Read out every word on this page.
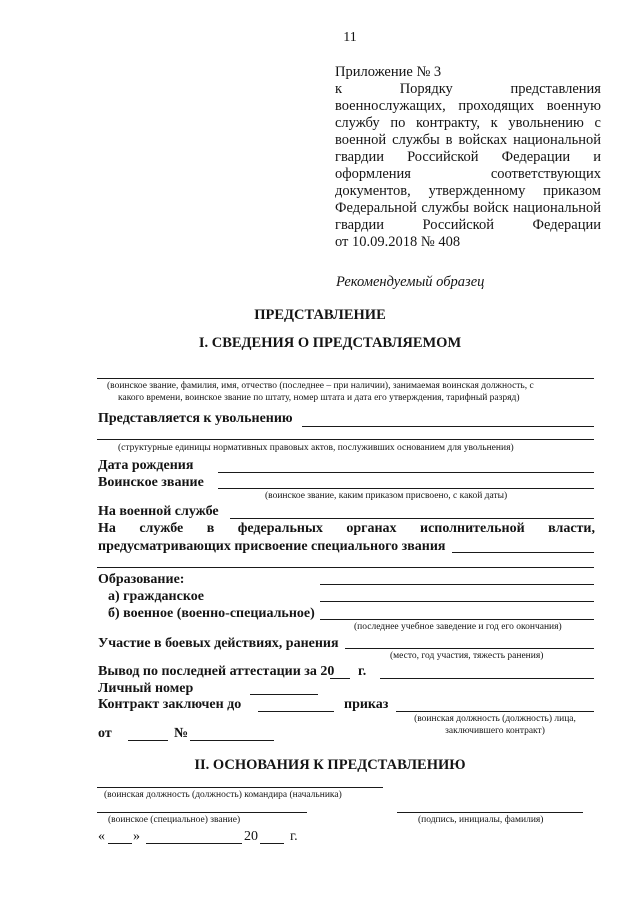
11
Приложение № 3
к	Порядку	представления
военнослужащих, проходящих военную
службу по контракту, к увольнению с
военной службы в войсках национальной
гвардии Российской Федерации и
оформления	соответствующих
документов, утвержденному приказом
Федеральной службы войск национальной
гвардии	Российской	Федерации
от 10.09.2018 № 408
Рекомендуемый образец
ПРЕДСТАВЛЕНИЕ
I. СВЕДЕНИЯ О ПРЕДСТАВЛЯЕМОМ
(воинское звание, фамилия, имя, отчество (последнее – при наличии), занимаемая воинская должность, с
какого времени, воинское звание по штату, номер штата и дата его утверждения, тарифный разряд)
Представляется к увольнению
(структурные единицы нормативных правовых актов, послуживших основанием для увольнения)
Дата рождения
Воинское звание
(воинское звание, каким приказом присвоено, с какой даты)
На военной службе
На службе в федеральных органах исполнительной власти,
предусматривающих присвоение специального звания
Образование:
а) гражданское
б) военное (военно-специальное)
(последнее учебное заведение и год его окончания)
Участие в боевых действиях, ранения
(место, год участия, тяжесть ранения)
Вывод по последней аттестации за 20 г.
Личный номер
Контракт заключен до	приказ
(воинская должность (должность) лица, заключившего контракт)
от	№
II. ОСНОВАНИЯ К ПРЕДСТАВЛЕНИЮ
(воинская должность (должность) командира (начальника)
(воинское (специальное) звание)	(подпись, инициалы, фамилия)
« »	20 г.
